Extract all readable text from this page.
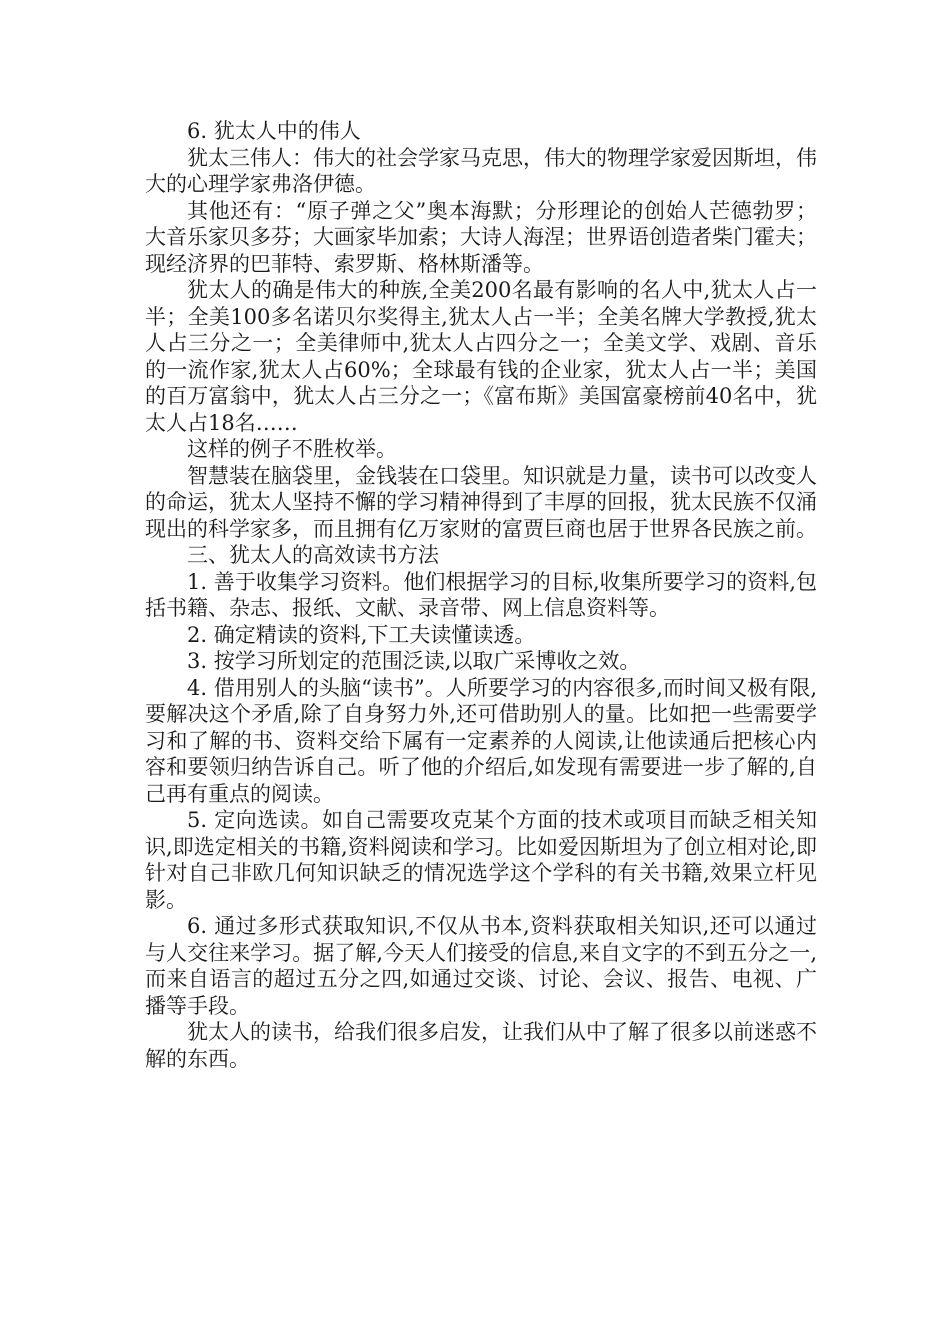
6. 犹太人中的伟人

犹太三伟人：伟大的社会学家马克思，伟大的物理学家爱因斯坦，伟大的心理学家弗洛伊德。

其他还有：“原子弹之父”奥本海默；分形理论的创始人芒德勃罗；大音乐家贝多芬；大画家毕加索；大诗人海涅；世界语创造者柴门霍夫；现经济界的巴菲特、索罗斯、格林斯潘等。

犹太人的确是伟大的种族,全美200名最有影响的名人中,犹太人占一半；全美100多名诺贝尔奖得主,犹太人占一半；全美名牌大学教授,犹太人占三分之一；全美律师中,犹太人占四分之一；全美文学、戏剧、音乐的一流作家,犹太人占60%；全球最有钱的企业家，犹太人占一半；美国的百万富翁中，犹太人占三分之一；《富布斯》美国富豪榜前40名中，犹太人占18名……

这样的例子不胜枚举。

智慧装在脑袋里，金钱装在口袋里。知识就是力量，读书可以改变人的命运，犹太人坚持不懈的学习精神得到了丰厚的回报，犹太民族不仅涌现出的科学家多，而且拥有亿万家财的富贾巨商也居于世界各民族之前。

三、犹太人的高效读书方法

1. 善于收集学习资料。他们根据学习的目标,收集所要学习的资料,包括书籍、杂志、报纸、文献、录音带、网上信息资料等。

2. 确定精读的资料,下工夫读懂读透。

3. 按学习所划定的范围泛读,以取广采博收之效。

4. 借用别人的头脑“读书”。人所要学习的内容很多,而时间又极有限,要解决这个矛盾,除了自身努力外,还可借助别人的量。比如把一些需要学习和了解的书、资料交给下属有一定素养的人阅读,让他读通后把核心内容和要领归纳告诉自己。听了他的介绍后,如发现有需要进一步了解的,自己再有重点的阅读。

5. 定向选读。如自己需要攻克某个方面的技术或项目而缺乏相关知识,即选定相关的书籍,资料阅读和学习。比如爱因斯坦为了创立相对论,即针对自己非欧几何知识缺乏的情况选学这个学科的有关书籍,效果立杆见影。

6. 通过多形式获取知识,不仅从书本,资料获取相关知识,还可以通过与人交往来学习。据了解,今天人们接受的信息,来自文字的不到五分之一,而来自语言的超过五分之四,如通过交谈、讨论、会议、报告、电视、广播等手段。

犹太人的读书，给我们很多启发，让我们从中了解了很多以前迷惑不解的东西。
